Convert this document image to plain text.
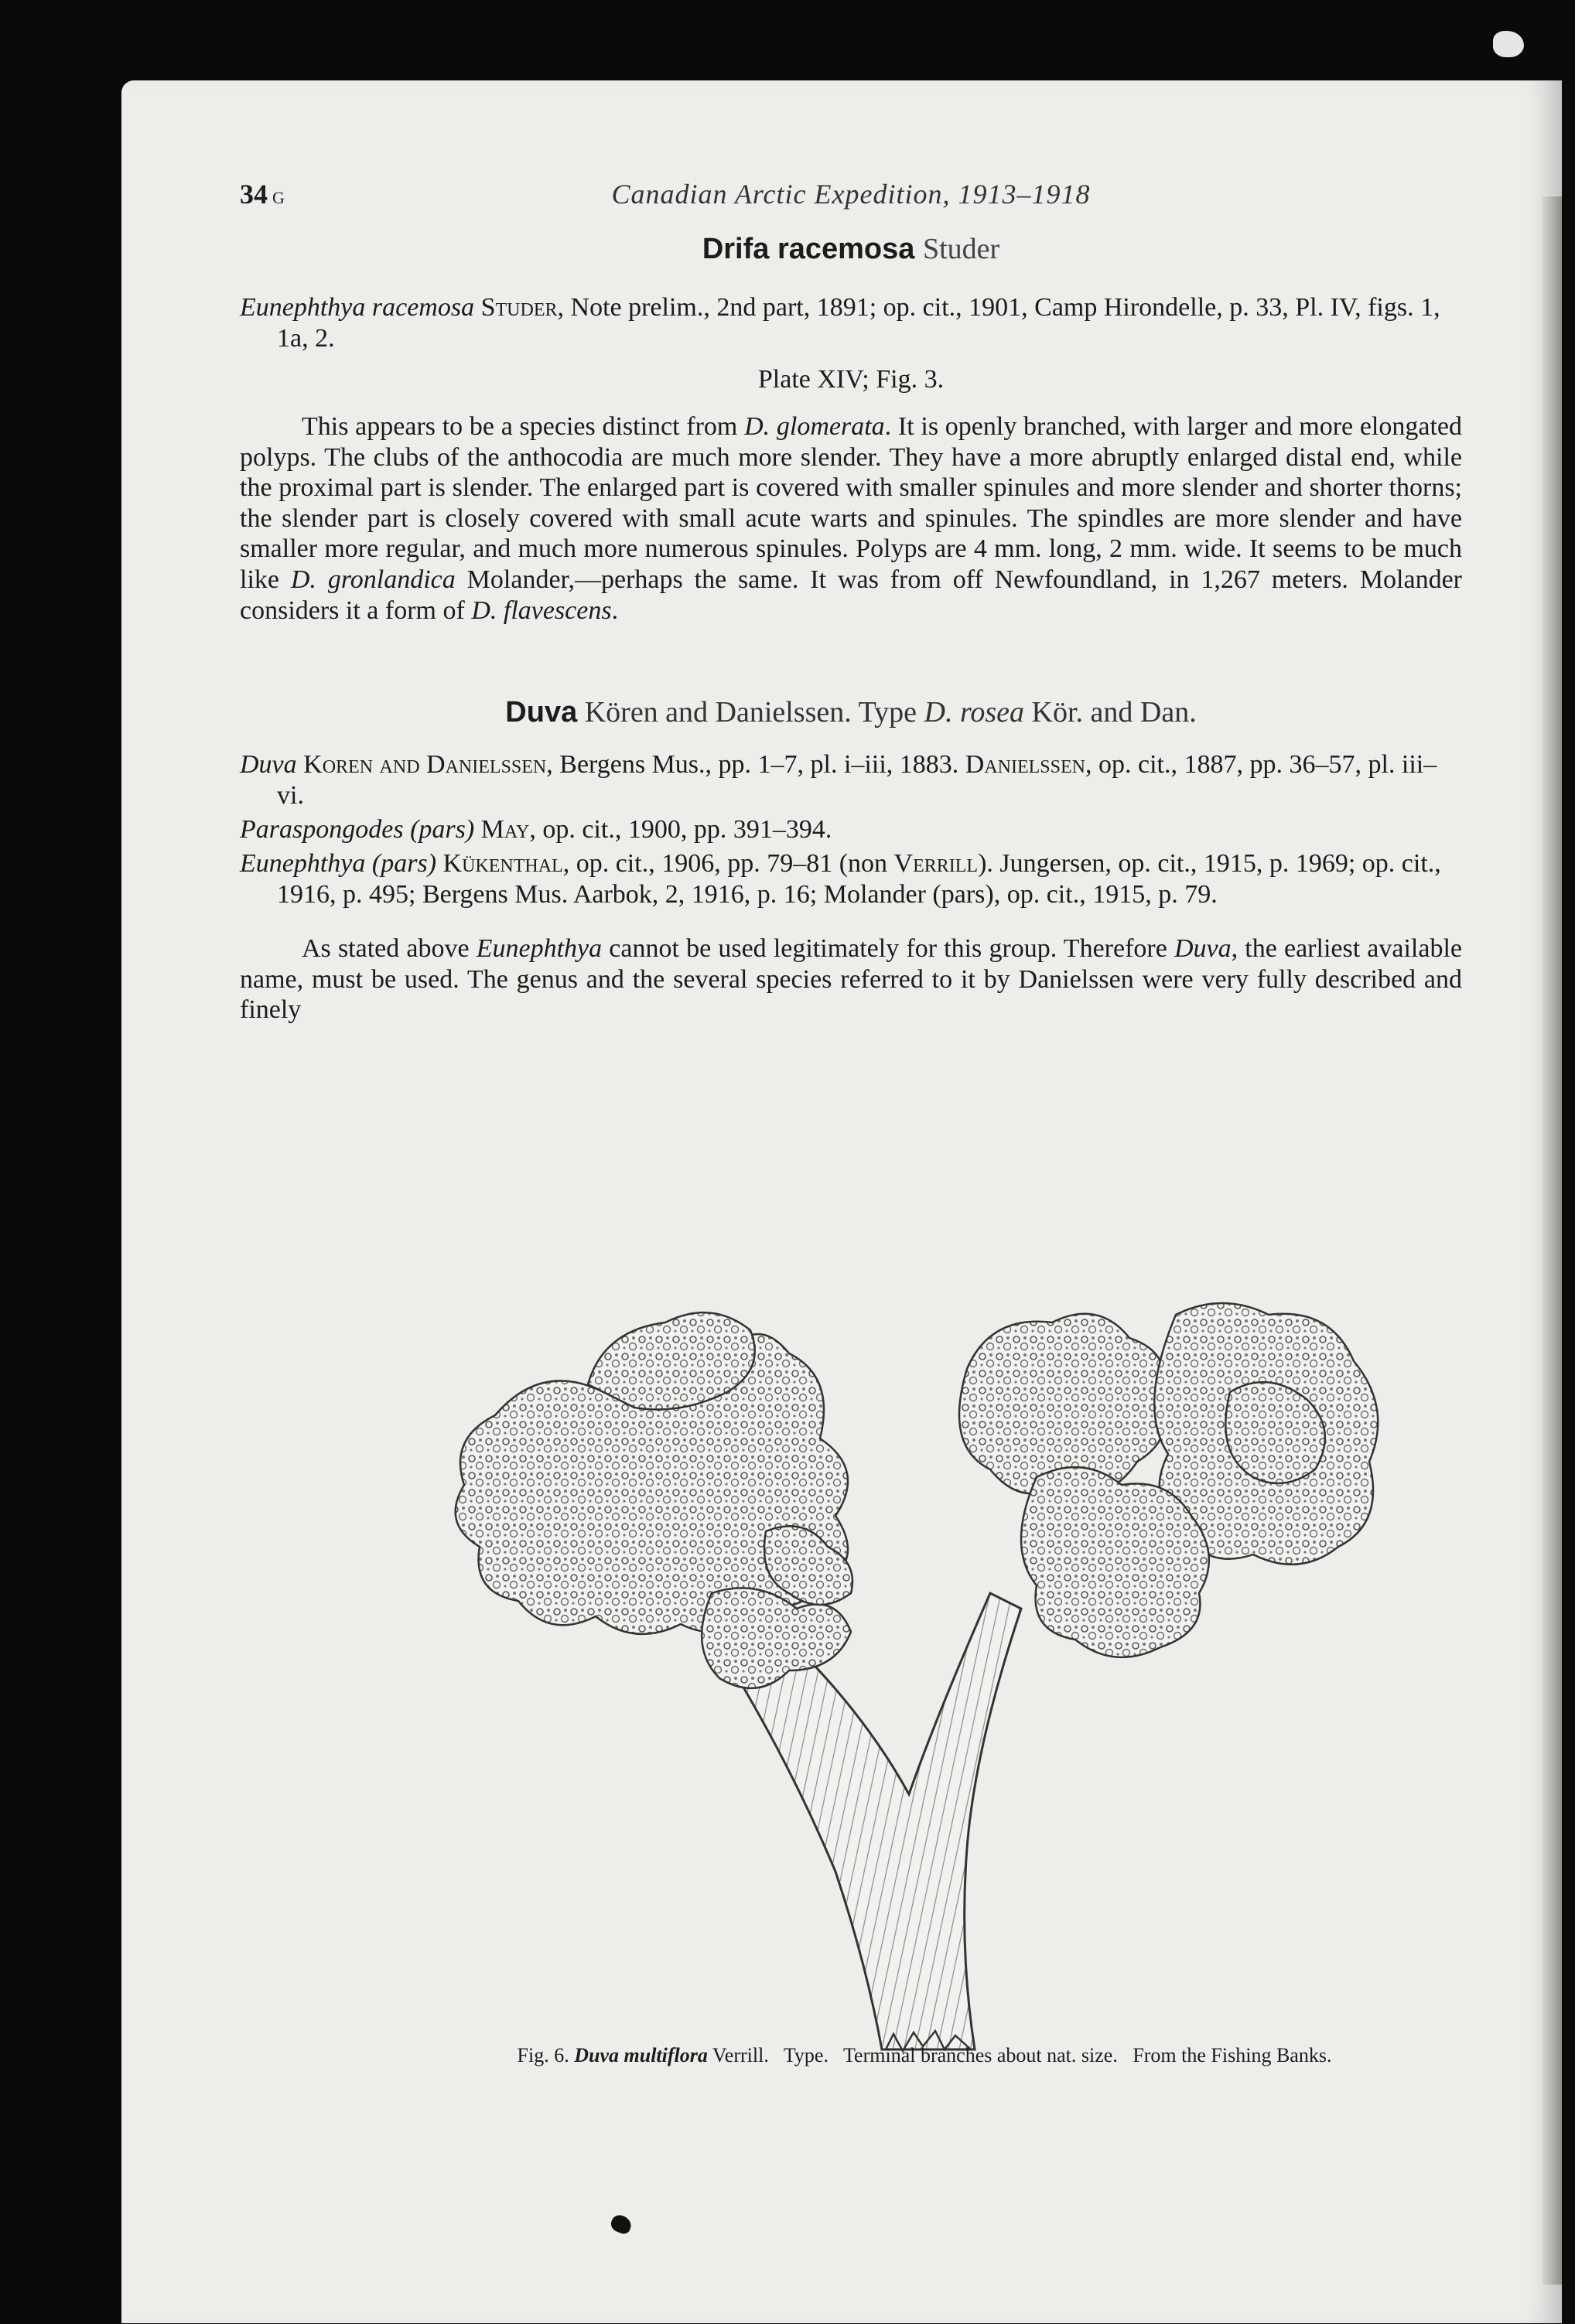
34 G	Canadian Arctic Expedition, 1913–1918
Drifa racemosa Studer

Eunephthya racemosa Studer, Note prelim., 2nd part, 1891; op. cit., 1901, Camp Hirondelle, p. 33, Pl. IV, figs. 1, 1a, 2.

Plate XIV; Fig. 3.

This appears to be a species distinct from D. glomerata. It is openly branched, with larger and more elongated polyps. The clubs of the anthocodia are much more slender. They have a more abruptly enlarged distal end, while the proximal part is slender. The enlarged part is covered with smaller spinules and more slender and shorter thorns; the slender part is closely covered with small acute warts and spinules. The spindles are more slender and have smaller more regular, and much more numerous spinules. Polyps are 4 mm. long, 2 mm. wide. It seems to be much like D. gronlandica Molander,—perhaps the same. It was from off Newfoundland, in 1,267 meters. Molander considers it a form of D. flavescens.

Duva Kören and Danielssen. Type D. rosea Kör. and Dan.

Duva Koren and Danielssen, Bergens Mus., pp. 1–7, pl. i–iii, 1883. Danielssen, op. cit., 1887, pp. 36–57, pl. iii–vi.

Paraspongodes (pars) May, op. cit., 1900, pp. 391–394.

Eunephthya (pars) Kükenthal, op. cit., 1906, pp. 79–81 (non Verrill). Jungersen, op. cit., 1915, p. 1969; op. cit., 1916, p. 495; Bergens Mus. Aarbok, 2, 1916, p. 16; Molander (pars), op. cit., 1915, p. 79.

As stated above Eunephthya cannot be used legitimately for this group. Therefore Duva, the earliest available name, must be used. The genus and the several species referred to it by Danielssen were very fully described and finely

Fig. 6. Duva multiflora Verrill.   Type.   Terminal branches about nat. size.   From the Fishing Banks.
